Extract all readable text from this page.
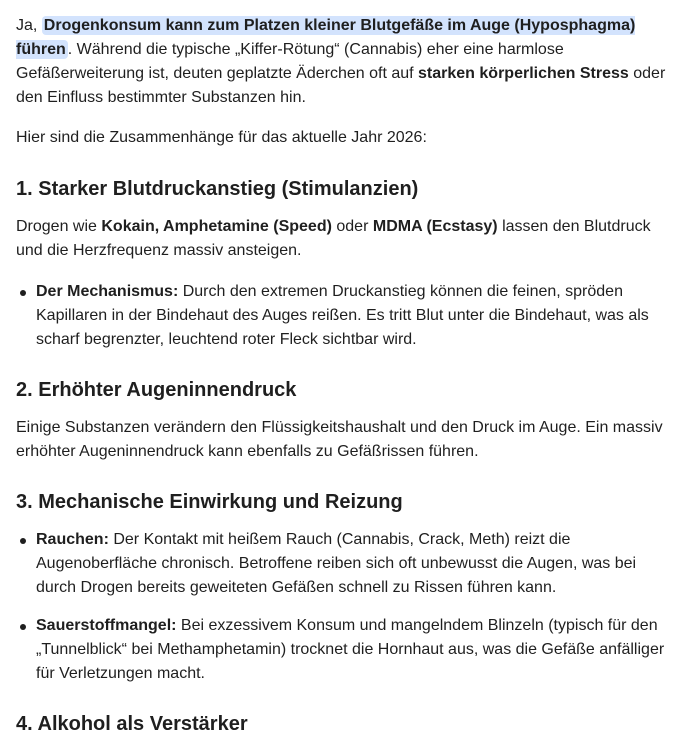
Ja, Drogenkonsum kann zum Platzen kleiner Blutgefäße im Auge (Hyposphagma) führen . Während die typische „Kiffer-Rötung“ (Cannabis) eher eine harmlose Gefäßerweiterung ist, deuten geplatzte Äderchen oft auf starken körperlichen Stress oder den Einfluss bestimmter Substanzen hin.

Hier sind die Zusammenhänge für das aktuelle Jahr 2026:

1. Starker Blutdruckanstieg (Stimulanzien)

Drogen wie Kokain, Amphetamine (Speed) oder MDMA (Ecstasy) lassen den Blutdruck und die Herzfrequenz massiv ansteigen.

Der Mechanismus: Durch den extremen Druckanstieg können die feinen, spröden Kapillaren in der Bindehaut des Auges reißen. Es tritt Blut unter die Bindehaut, was als scharf begrenzter, leuchtend roter Fleck sichtbar wird.
2. Erhöhter Augeninnendruck

Einige Substanzen verändern den Flüssigkeitshaushalt und den Druck im Auge. Ein massiv erhöhter Augeninnendruck kann ebenfalls zu Gefäßrissen führen.

3. Mechanische Einwirkung und Reizung
Rauchen: Der Kontakt mit heißem Rauch (Cannabis, Crack, Meth) reizt die Augenoberfläche chronisch. Betroffene reiben sich oft unbewusst die Augen, was bei durch Drogen bereits geweiteten Gefäßen schnell zu Rissen führen kann.
Sauerstoffmangel: Bei exzessivem Konsum und mangelndem Blinzeln (typisch für den „Tunnelblick“ bei Methamphetamin) trocknet die Hornhaut aus, was die Gefäße anfälliger für Verletzungen macht.
4. Alkohol als Verstärker
